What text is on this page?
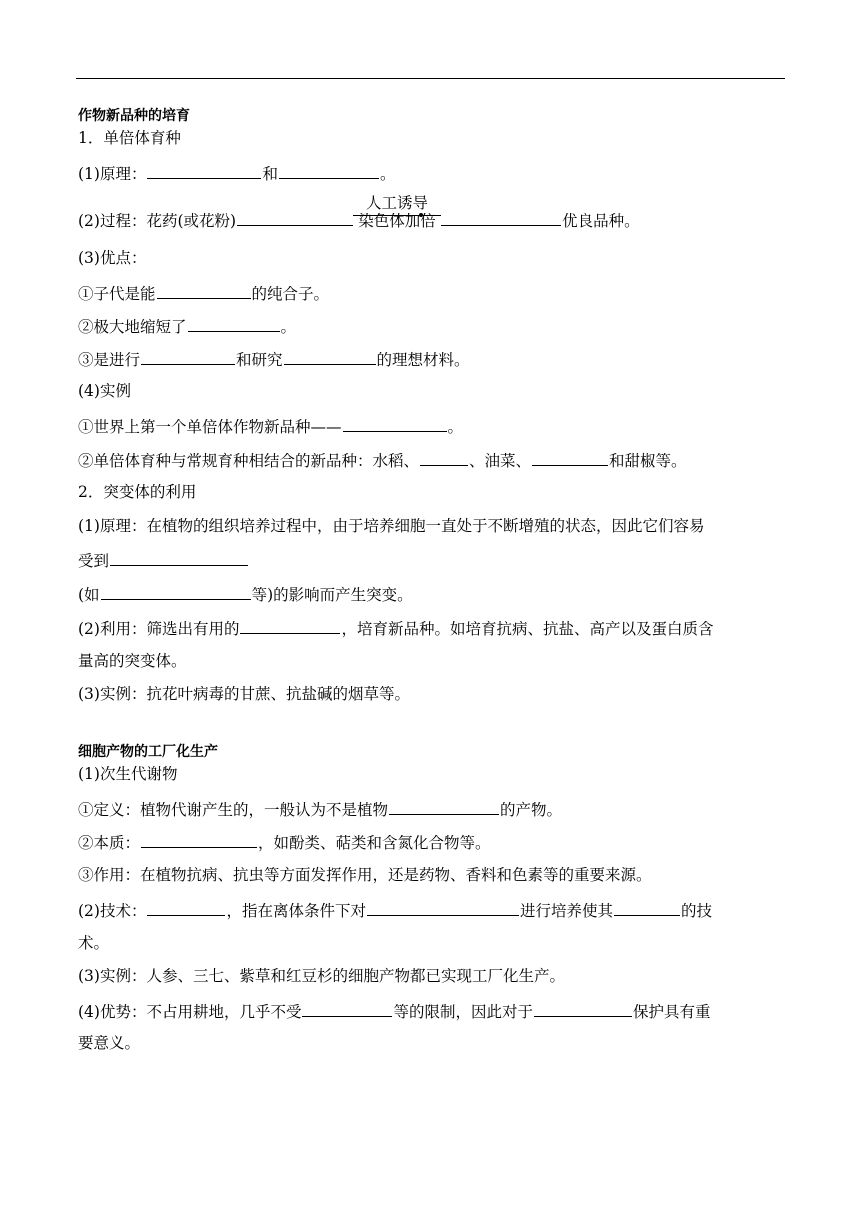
作物新品种的培育
1．单倍体育种
(1)原理：	和	。
(2)过程：花药(或花粉)
人工诱导
染色体加倍	优良品种。
(3)优点：
①子代是能	的纯合子。
②极大地缩短了	。
③是进行	和研究	的理想材料。
(4)实例
①世界上第一个单倍体作物新品种——	。
②单倍体育种与常规育种相结合的新品种：水稻、	、油菜、	和甜椒等。
2．突变体的利用
(1)原理：在植物的组织培养过程中，由于培养细胞一直处于不断增殖的状态，因此它们容易
受到
(如	等)的影响而产生突变。
(2)利用：筛选出有用的	，培育新品种。如培育抗病、抗盐、高产以及蛋白质含
量高的突变体。
(3)实例：抗花叶病毒的甘蔗、抗盐碱的烟草等。
细胞产物的工厂化生产
(1)次生代谢物
①定义：植物代谢产生的，一般认为不是植物	的产物。
②本质：	，如酚类、萜类和含氮化合物等。
③作用：在植物抗病、抗虫等方面发挥作用，还是药物、香料和色素等的重要来源。
(2)技术：	，指在离体条件下对	进行培养使其	的技
术。
(3)实例：人参、三七、紫草和红豆杉的细胞产物都已实现工厂化生产。
(4)优势：不占用耕地，几乎不受	等的限制，因此对于	保护具有重
要意义。
